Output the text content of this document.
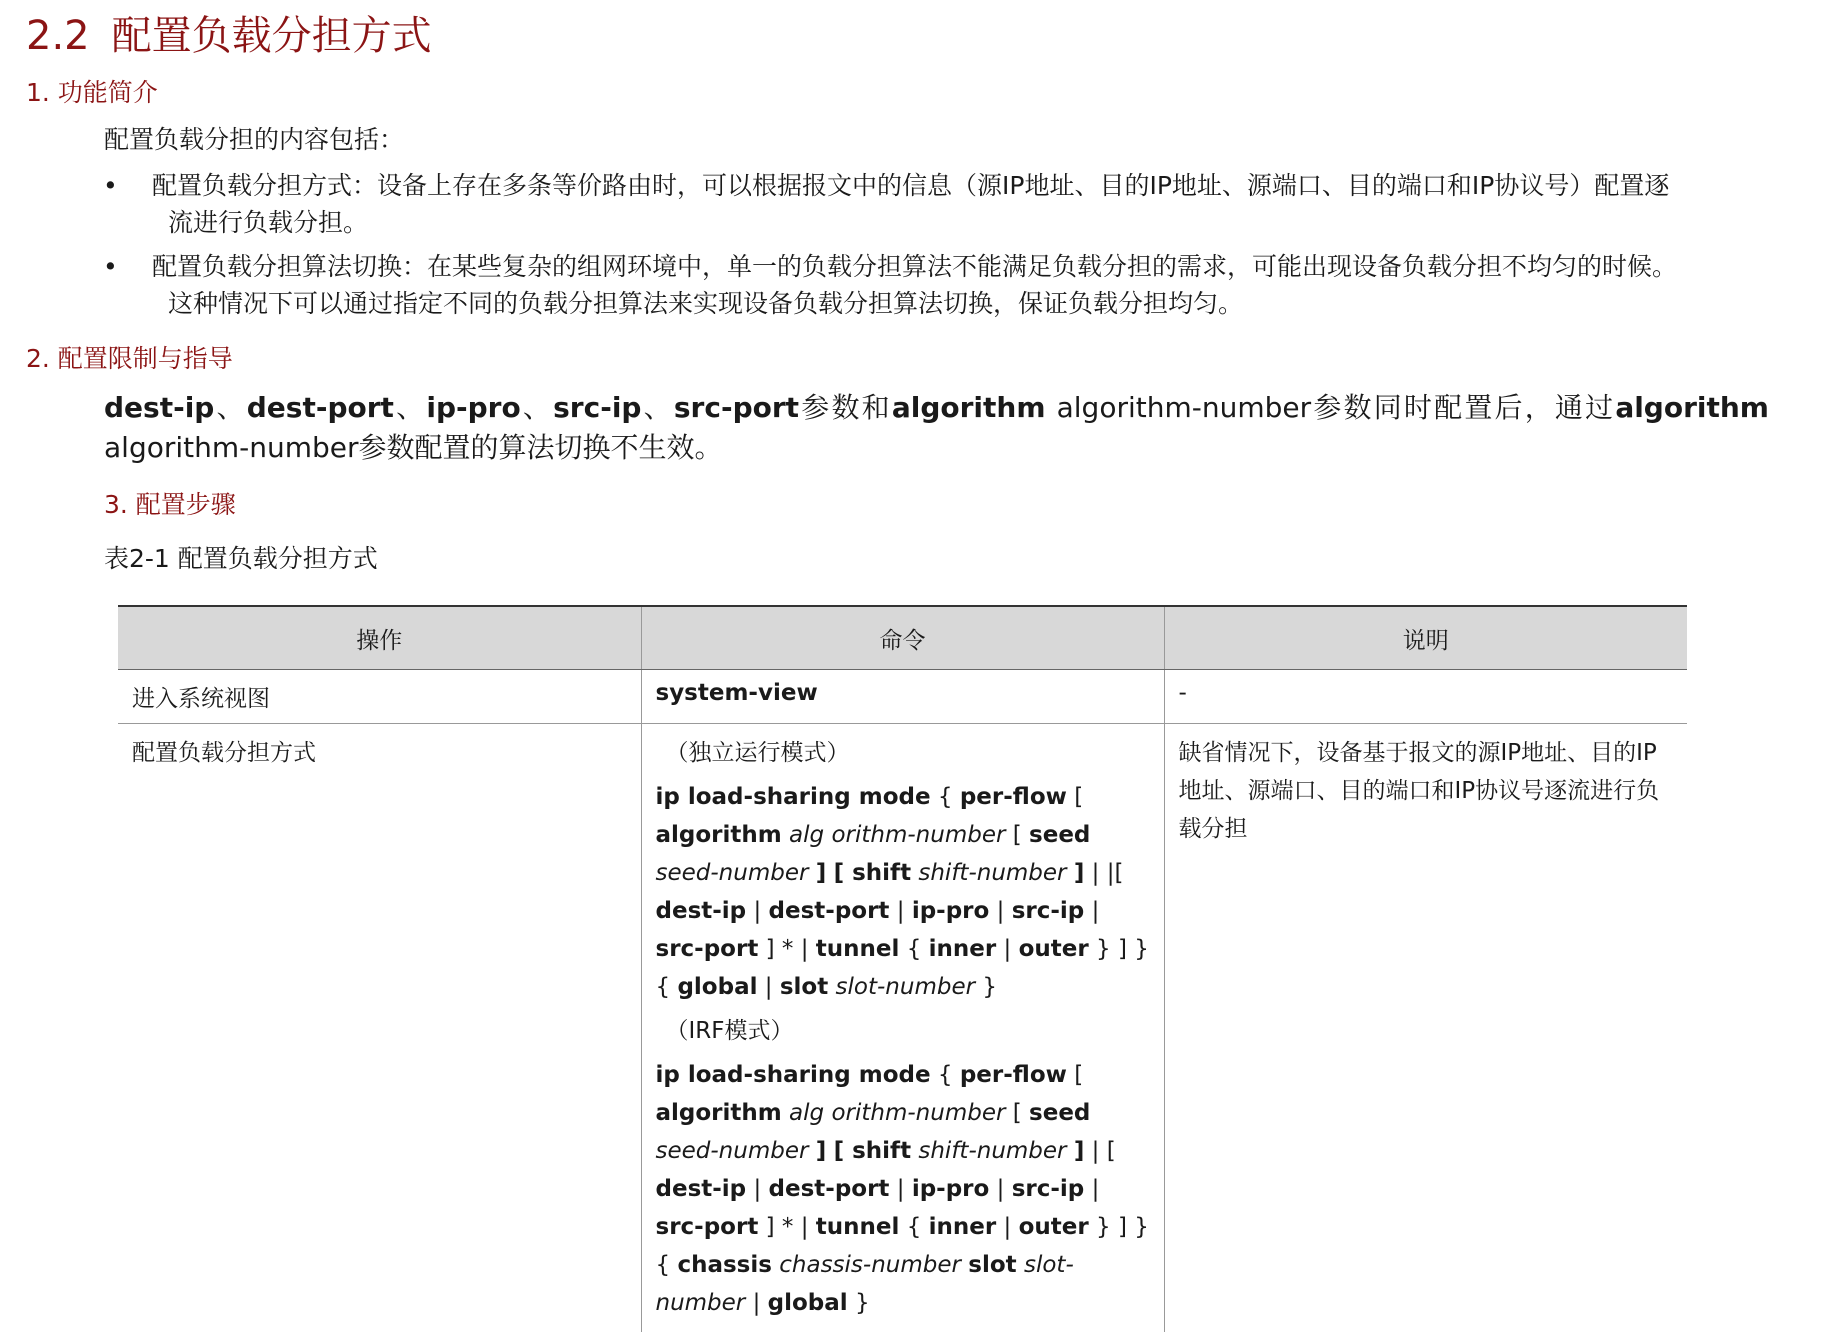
2.2 配置负载分担方式
1. 功能简介
配置负载分担的内容包括：
• 配置负载分担方式：设备上存在多条等价路由时，可以根据报文中的信息（源IP地址、目的IP地址、源端口、目的端口和IP协议号）配置逐
流进行负载分担。
• 配置负载分担算法切换：在某些复杂的组网环境中，单一的负载分担算法不能满足负载分担的需求，可能出现设备负载分担不均匀的时候。
这种情况下可以通过指定不同的负载分担算法来实现设备负载分担算法切换，保证负载分担均匀。
2. 配置限制与指导
dest-ip、dest-port、ip-pro、src-ip、src-port参数和algorithm algorithm-number参数同时配置后，通过algorithm algorithm-number参数配置的算法切换不生效。
3. 配置步骤
表2-1 配置负载分担方式
操作	命令	说明
进入系统视图	system-view	-
配置负载分担方式	（独立运行模式）
ip load-sharing mode { per-flow [ algorithm alg orithm-number [ seed seed-number ] [ shift shift-number ] | |[ dest-ip | dest-port | ip-pro | src-ip | src-port ] * | tunnel { inner | outer } ] } { global | slot slot-number }
（IRF模式）
ip load-sharing mode { per-flow [ algorithm alg orithm-number [ seed seed-number ] [ shift shift-number ] | [ dest-ip | dest-port | ip-pro | src-ip | src-port ] * | tunnel { inner | outer } ] } { chassis chassis-number slot slot-number | global }	缺省情况下，设备基于报文的源IP地址、目的IP地址、源端口、目的端口和IP协议号逐流进行负载分担
